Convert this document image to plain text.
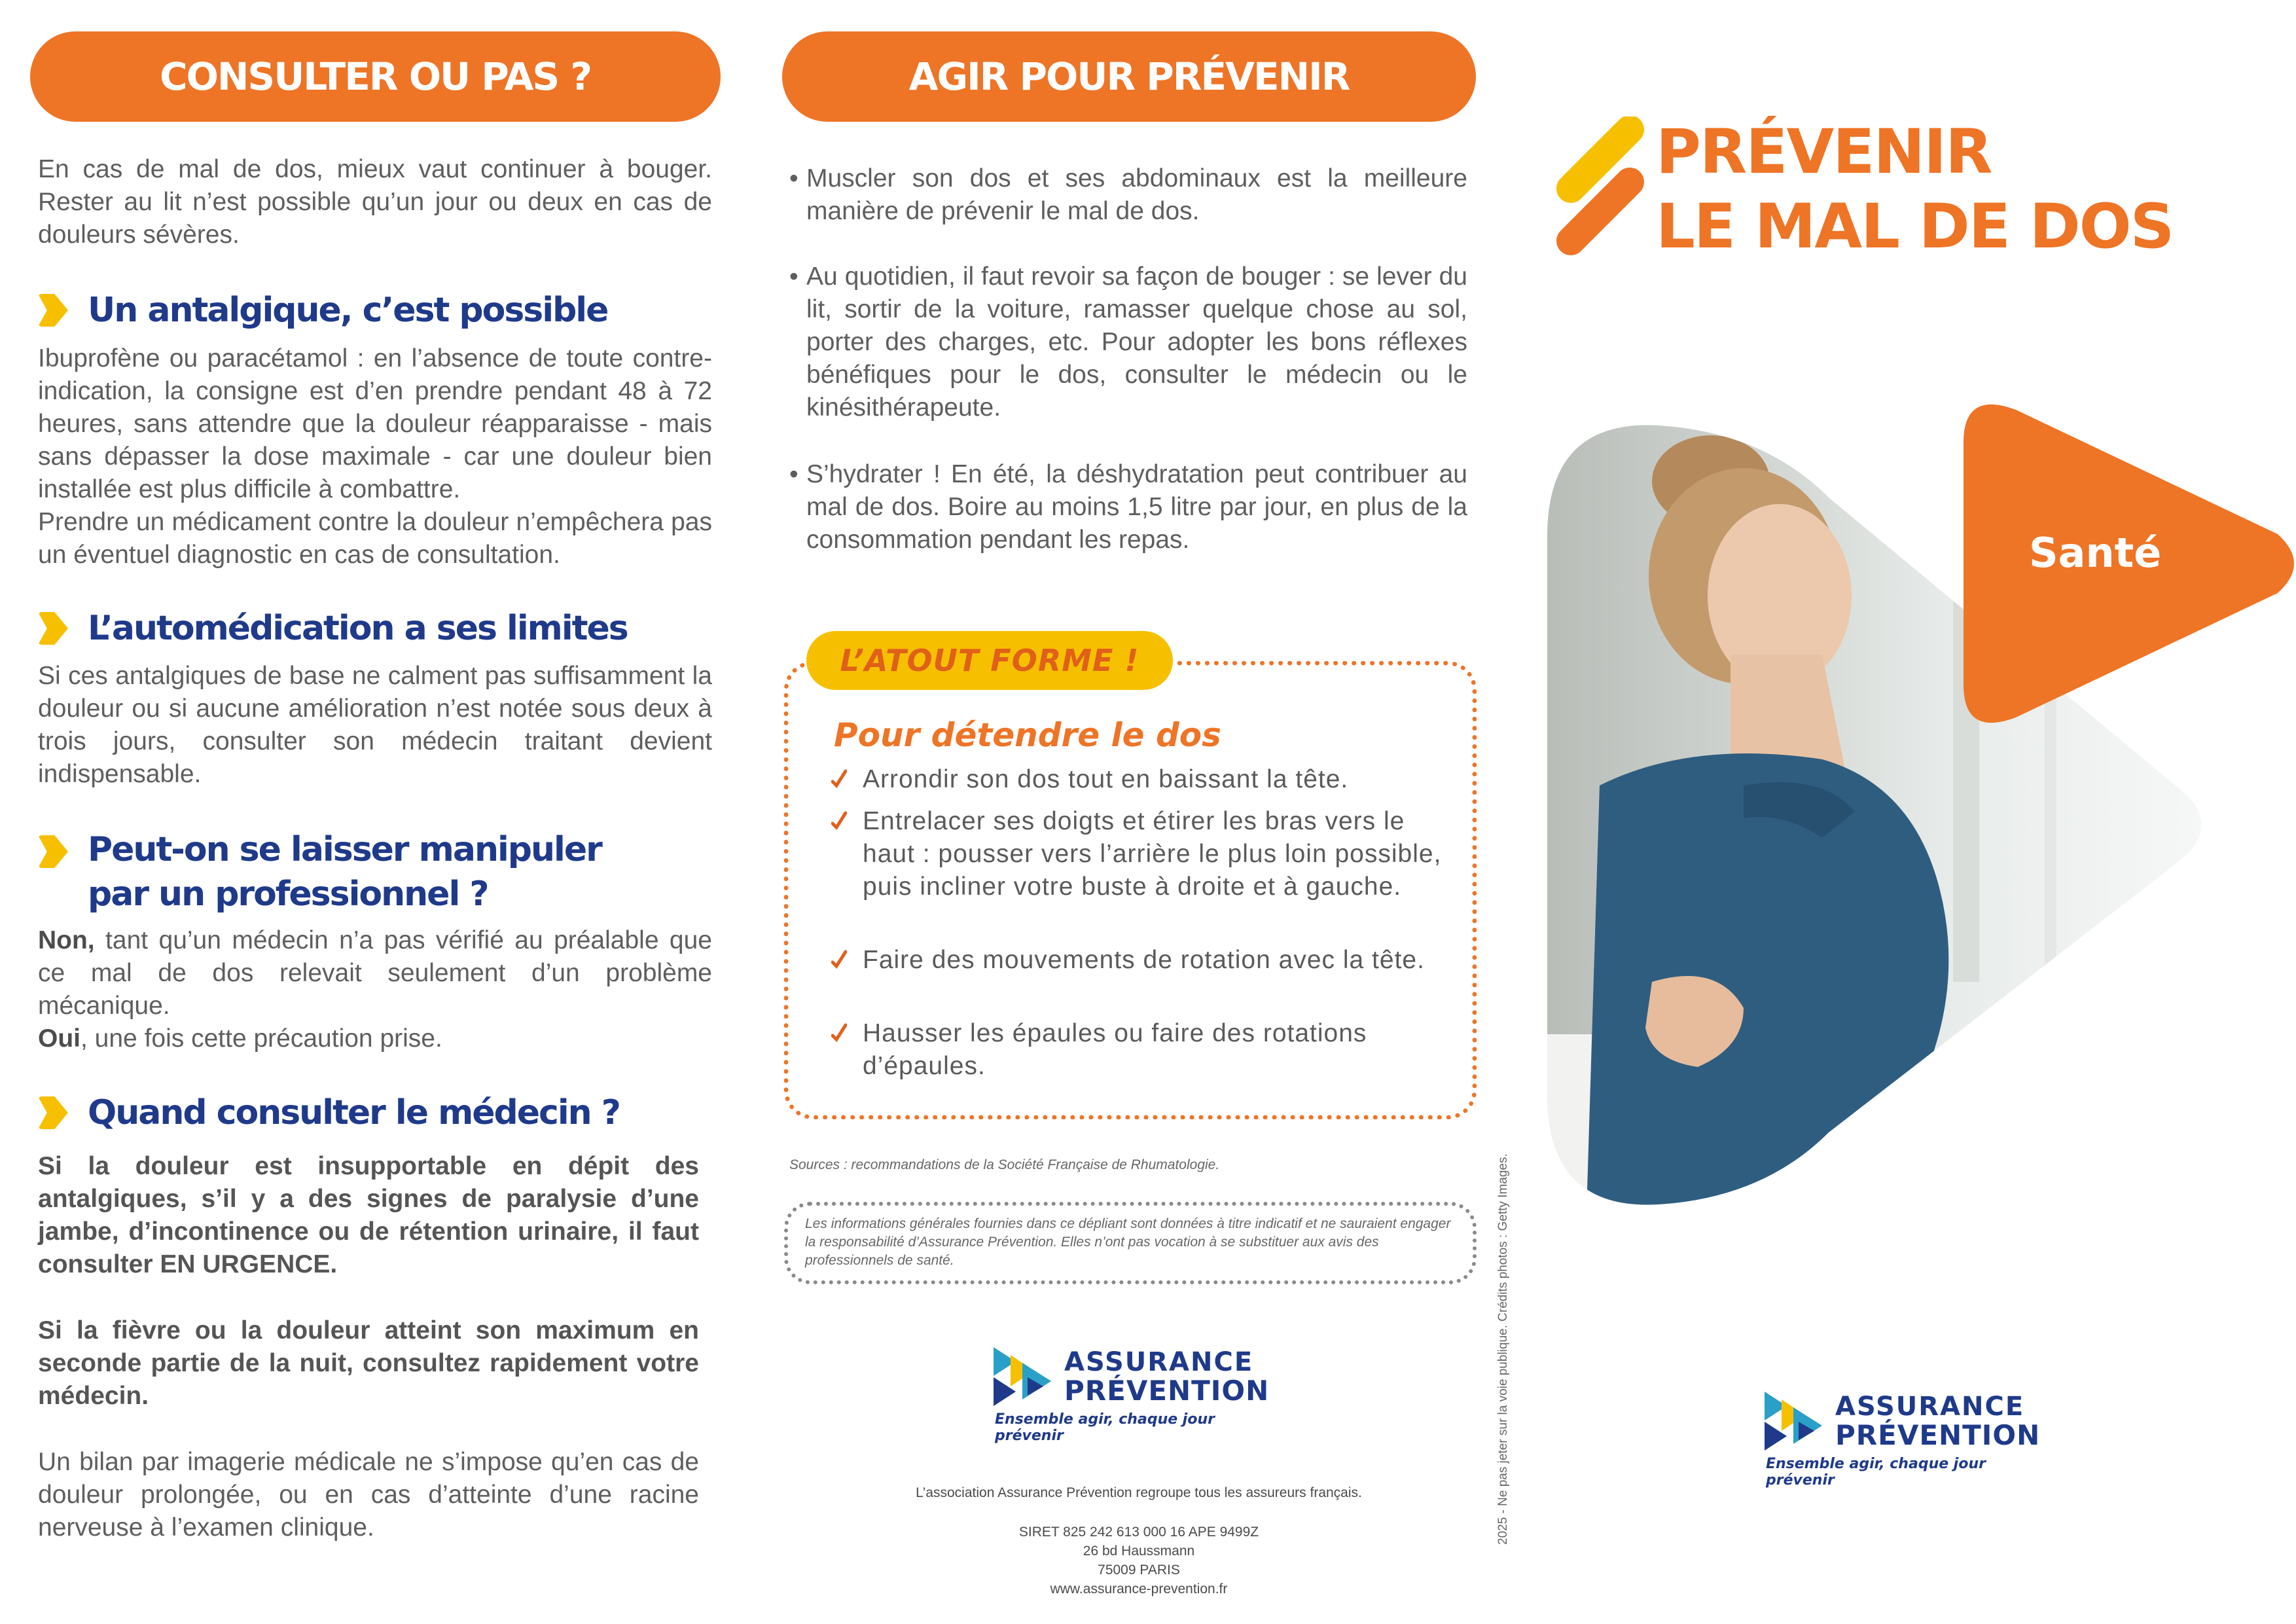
CONSULTER OU PAS ?
En cas de mal de dos, mieux vaut continuer à bouger. Rester au lit n’est possible qu’un jour ou deux en cas de douleurs sévères.
Un antalgique, c’est possible
Ibuprofène ou paracétamol : en l’absence de toute contre-indication, la consigne est d’en prendre pendant 48 à 72 heures, sans attendre que la douleur réapparaisse - mais sans dépasser la dose maximale - car une douleur bien installée est plus difficile à combattre.
Prendre un médicament contre la douleur n’empêchera pas un éventuel diagnostic en cas de consultation.
L’automédication a ses limites
Si ces antalgiques de base ne calment pas suffisamment la douleur ou si aucune amélioration n’est notée sous deux à trois jours, consulter son médecin traitant devient indispensable.
Peut-on se laisser manipuler
par un professionnel ?
Non, tant qu’un médecin n’a pas vérifié au préalable que ce mal de dos relevait seulement d’un problème mécanique.
Oui, une fois cette précaution prise.
Quand consulter le médecin ?
Si la douleur est insupportable en dépit des antalgiques, s’il y a des signes de paralysie d’une jambe, d’incontinence ou de rétention urinaire, il faut consulter EN URGENCE.
Si la fièvre ou la douleur atteint son maximum en seconde partie de la nuit, consultez rapidement votre médecin.
Un bilan par imagerie médicale ne s’impose qu’en cas de douleur prolongée, ou en cas d’atteinte d’une racine nerveuse à l’examen clinique.
AGIR POUR PRÉVENIR
• Muscler son dos et ses abdominaux est la meilleure manière de prévenir le mal de dos.
• Au quotidien, il faut revoir sa façon de bouger : se lever du lit, sortir de la voiture, ramasser quelque chose au sol, porter des charges, etc. Pour adopter les bons réflexes bénéfiques pour le dos, consulter le médecin ou le kinésithérapeute.
• S’hydrater ! En été, la déshydratation peut contribuer au mal de dos. Boire au moins 1,5 litre par jour, en plus de la consommation pendant les repas.
L’ATOUT FORME !
Pour détendre le dos
Arrondir son dos tout en baissant la tête.
Entrelacer ses doigts et étirer les bras vers le haut : pousser vers l’arrière le plus loin possible, puis incliner votre buste à droite et à gauche.
Faire des mouvements de rotation avec la tête.
Hausser les épaules ou faire des rotations d’épaules.
Sources : recommandations de la Société Française de Rhumatologie.
Les informations générales fournies dans ce dépliant sont données à titre indicatif et ne sauraient engager la responsabilité d’Assurance Prévention. Elles n’ont pas vocation à se substituer aux avis des professionnels de santé.
ASSURANCE
PRÉVENTION
Ensemble agir, chaque jour prévenir
L’association Assurance Prévention regroupe tous les assureurs français.
SIRET 825 242 613 000 16 APE 9499Z
26 bd Haussmann
75009 PARIS
www.assurance-prevention.fr
2025 - Ne pas jeter sur la voie publique. Crédits photos : Getty Images.
PRÉVENIR
LE MAL DE DOS
Santé
ASSURANCE
PRÉVENTION
Ensemble agir, chaque jour prévenir
